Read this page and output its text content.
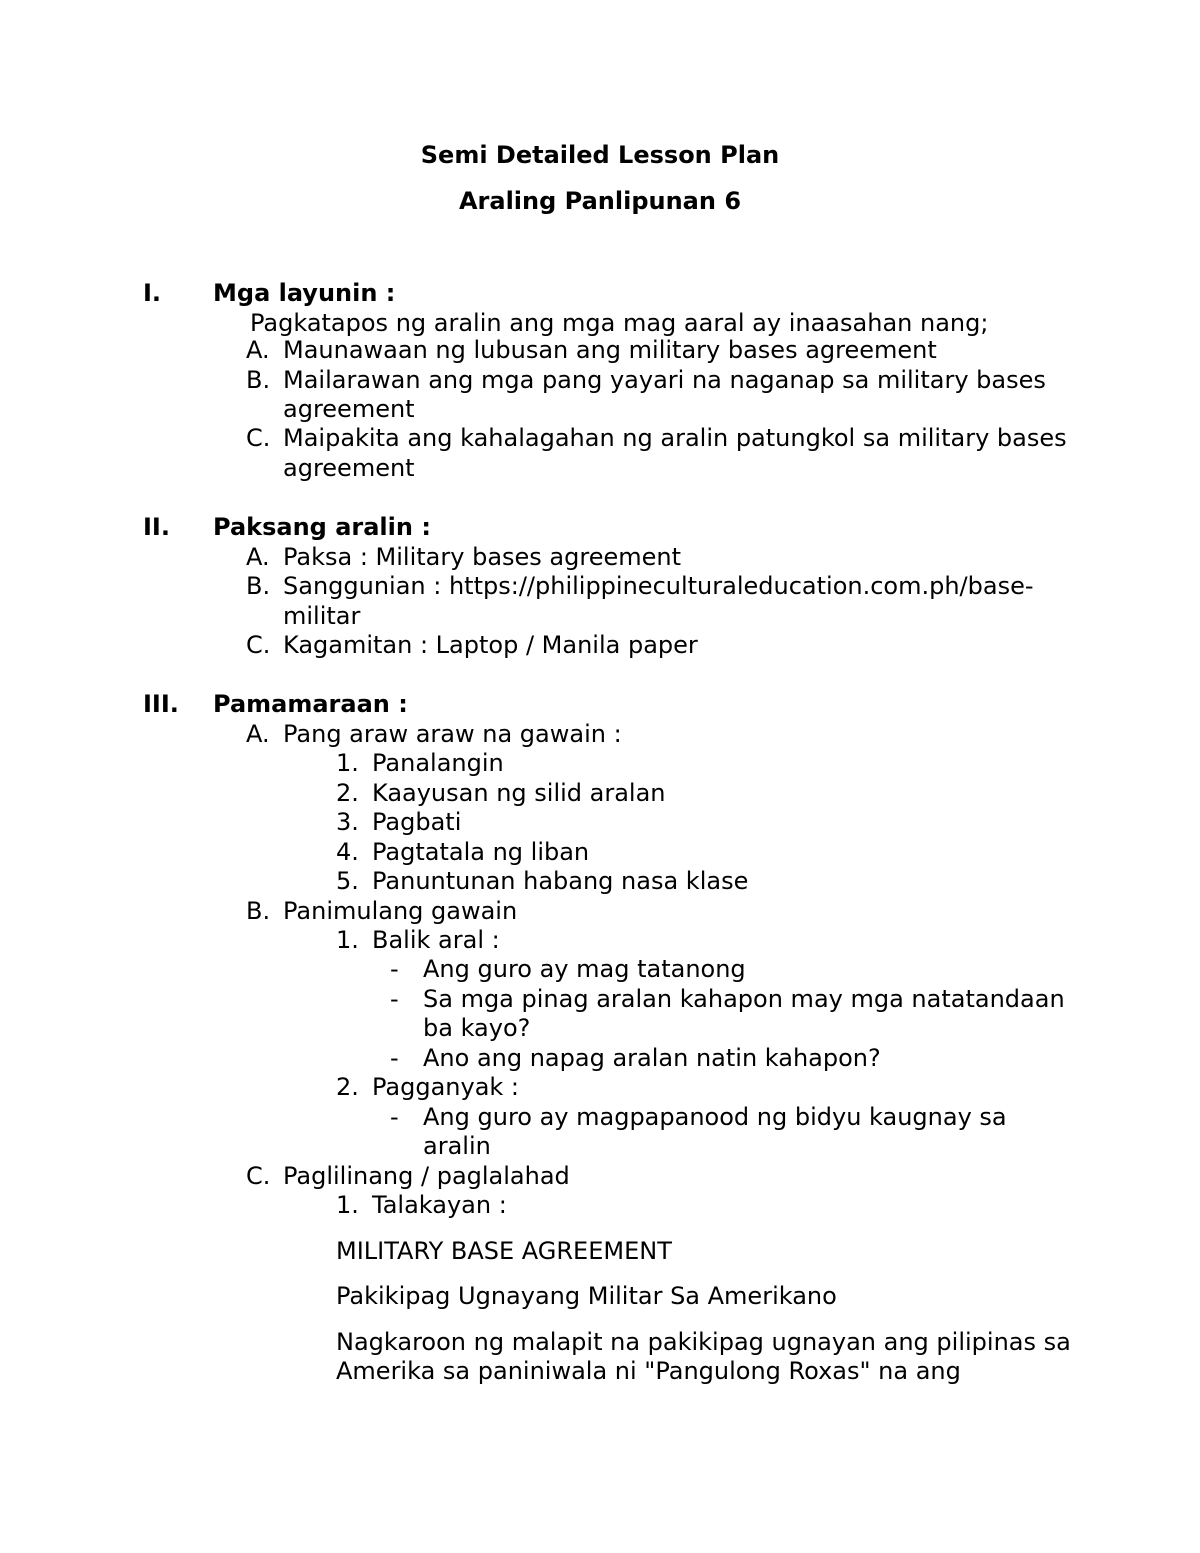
Semi Detailed Lesson Plan
Araling Panlipunan 6
I. Mga layunin :
Pagkatapos ng aralin ang mga mag aaral ay inaasahan nang;
A. Maunawaan ng lubusan ang military bases agreement
B. Mailarawan ang mga pang yayari na naganap sa military bases
agreement
C. Maipakita ang kahalagahan ng aralin patungkol sa military bases
agreement
II. Paksang aralin :
A. Paksa : Military bases agreement
B. Sanggunian : https://philippineculturaleducation.com.ph/base-
militar
C. Kagamitan : Laptop / Manila paper
III. Pamamaraan :
A. Pang araw araw na gawain :
1. Panalangin
2. Kaayusan ng silid aralan
3. Pagbati
4. Pagtatala ng liban
5. Panuntunan habang nasa klase
B. Panimulang gawain
1. Balik aral :
- Ang guro ay mag tatanong
- Sa mga pinag aralan kahapon may mga natatandaan
ba kayo?
- Ano ang napag aralan natin kahapon?
2. Pagganyak :
- Ang guro ay magpapanood ng bidyu kaugnay sa
aralin
C. Paglilinang / paglalahad
1. Talakayan :
MILITARY BASE AGREEMENT
Pakikipag Ugnayang Militar Sa Amerikano
Nagkaroon ng malapit na pakikipag ugnayan ang pilipinas sa
Amerika sa paniniwala ni "Pangulong Roxas" na ang
